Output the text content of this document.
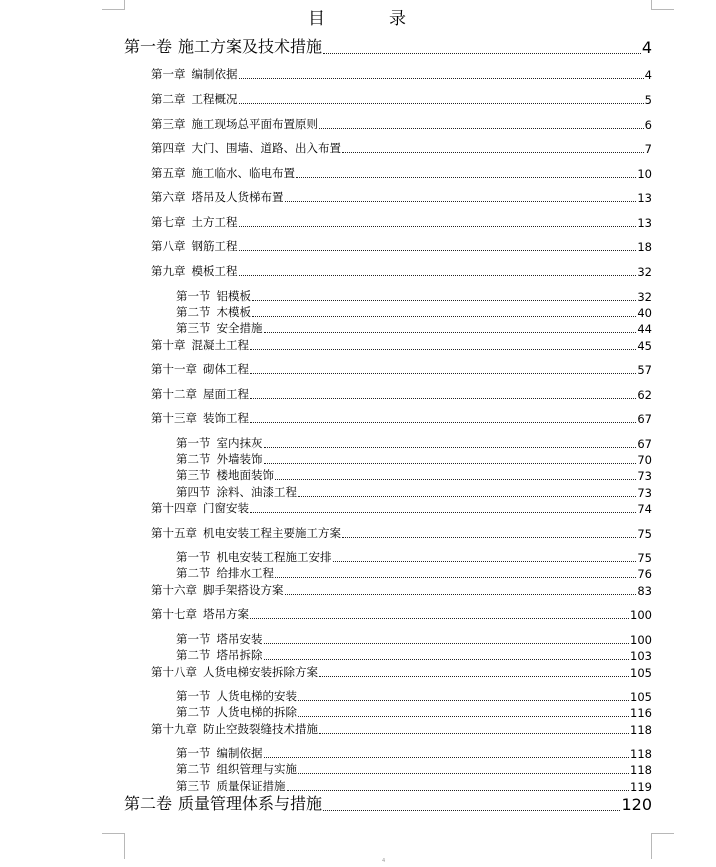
目	录
第一卷 施工方案及技术措施	4
第一章 编制依据	4
第二章 工程概况	5
第三章 施工现场总平面布置原则	6
第四章 大门、围墙、道路、出入布置	7
第五章 施工临水、临电布置	10
第六章 塔吊及人货梯布置	13
第七章 土方工程	13
第八章 钢筋工程	18
第九章 模板工程	32
第一节 铝模板	32
第二节 木模板	40
第三节 安全措施	44
第十章 混凝土工程	45
第十一章 砌体工程	57
第十二章 屋面工程	62
第十三章 装饰工程	67
第一节 室内抹灰	67
第二节 外墙装饰	70
第三节 楼地面装饰	73
第四节 涂料、油漆工程	73
第十四章 门窗安装	74
第十五章 机电安装工程主要施工方案	75
第一节 机电安装工程施工安排	75
第二节 给排水工程	76
第十六章 脚手架搭设方案	83
第十七章 塔吊方案	100
第一节 塔吊安装	100
第二节 塔吊拆除	103
第十八章 人货电梯安装拆除方案	105
第一节 人货电梯的安装	105
第二节 人货电梯的拆除	116
第十九章 防止空鼓裂缝技术措施	118
第一节 编制依据	118
第二节 组织管理与实施	118
第三节 质量保证措施	119
第二卷 质量管理体系与措施	120
4
